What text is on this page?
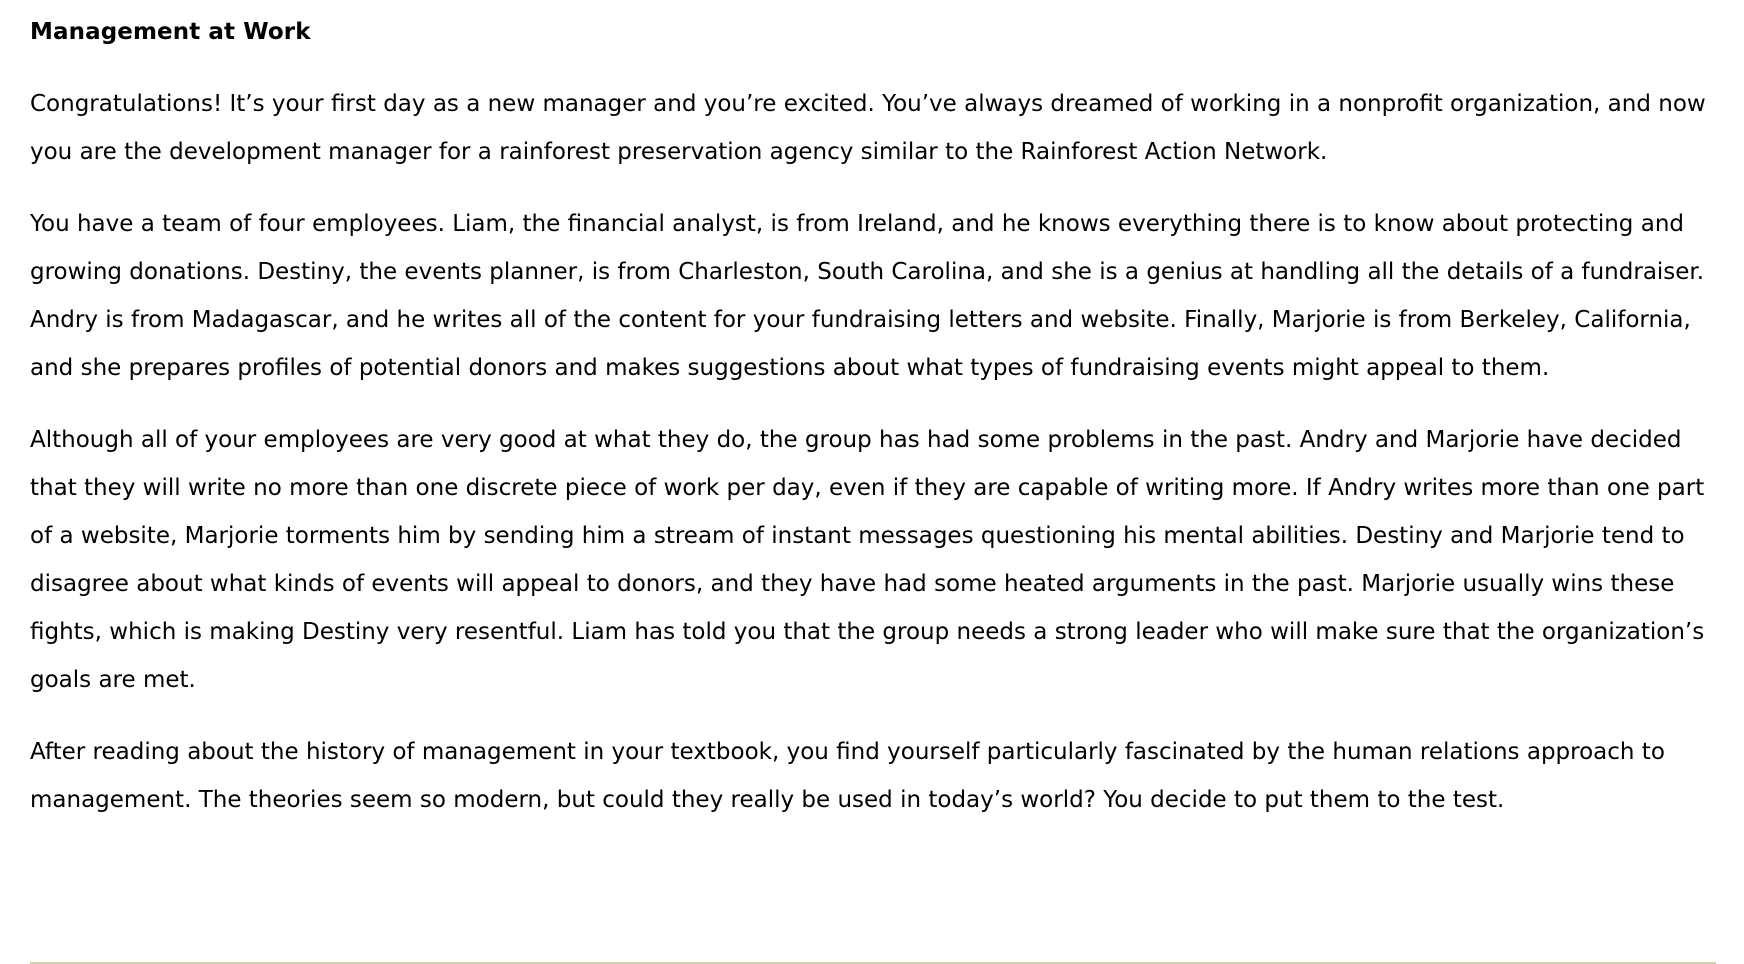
Management at Work

Congratulations! It’s your first day as a new manager and you’re excited. You’ve always dreamed of working in a nonprofit organization, and now you are the development manager for a rainforest preservation agency similar to the Rainforest Action Network.

You have a team of four employees. Liam, the financial analyst, is from Ireland, and he knows everything there is to know about protecting and growing donations. Destiny, the events planner, is from Charleston, South Carolina, and she is a genius at handling all the details of a fundraiser. Andry is from Madagascar, and he writes all of the content for your fundraising letters and website. Finally, Marjorie is from Berkeley, California, and she prepares profiles of potential donors and makes suggestions about what types of fundraising events might appeal to them.

Although all of your employees are very good at what they do, the group has had some problems in the past. Andry and Marjorie have decided that they will write no more than one discrete piece of work per day, even if they are capable of writing more. If Andry writes more than one part of a website, Marjorie torments him by sending him a stream of instant messages questioning his mental abilities. Destiny and Marjorie tend to disagree about what kinds of events will appeal to donors, and they have had some heated arguments in the past. Marjorie usually wins these fights, which is making Destiny very resentful. Liam has told you that the group needs a strong leader who will make sure that the organization’s goals are met.

After reading about the history of management in your textbook, you find yourself particularly fascinated by the human relations approach to management. The theories seem so modern, but could they really be used in today’s world? You decide to put them to the test.
